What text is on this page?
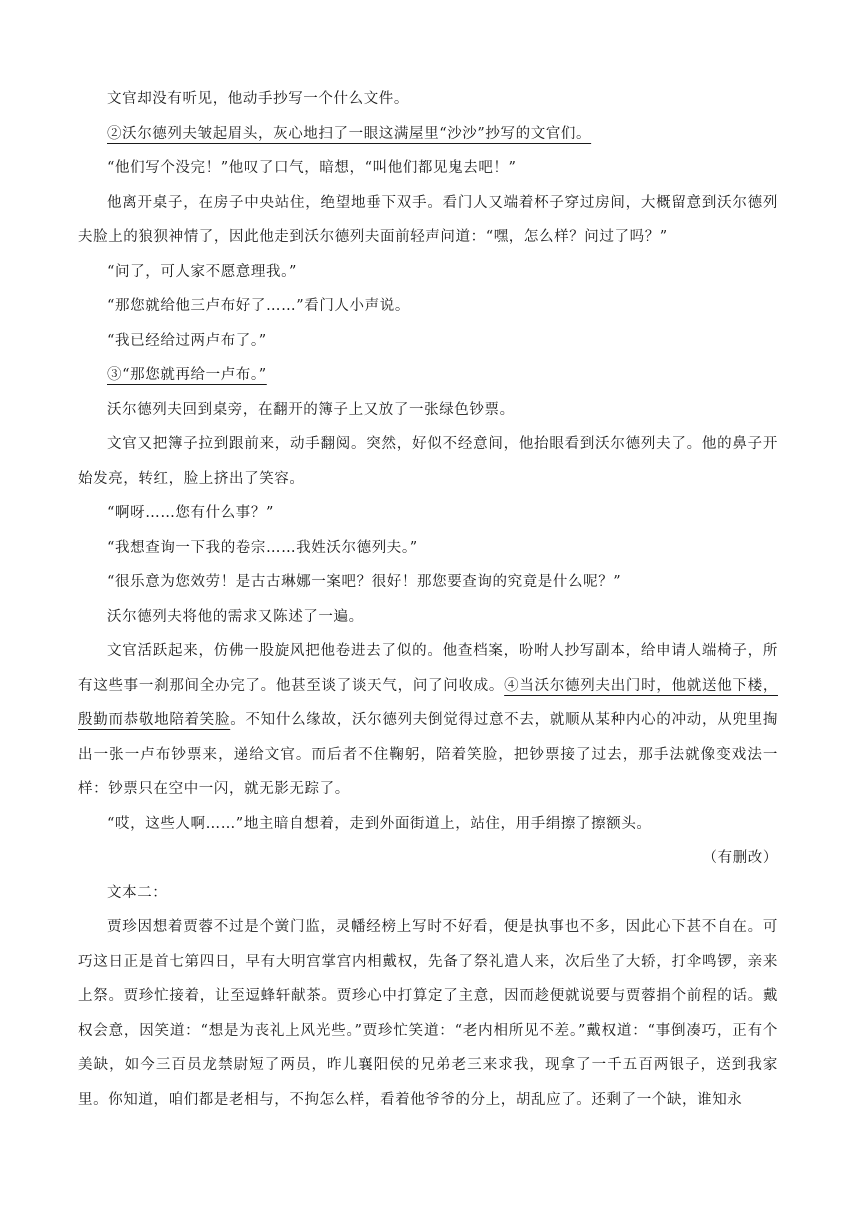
文官却没有听见，他动手抄写一个什么文件。

②沃尔德列夫皱起眉头，灰心地扫了一眼这满屋里“沙沙”抄写的文官们。

“他们写个没完！”他叹了口气，暗想，“叫他们都见鬼去吧！”

他离开桌子，在房子中央站住，绝望地垂下双手。看门人又端着杯子穿过房间，大概留意到沃尔德列夫脸上的狼狈神情了，因此他走到沃尔德列夫面前轻声问道：“嘿，怎么样？问过了吗？”

“问了，可人家不愿意理我。”

“那您就给他三卢布好了……”看门人小声说。

“我已经给过两卢布了。”

③“那您就再给一卢布。”

沃尔德列夫回到桌旁，在翻开的簿子上又放了一张绿色钞票。

文官又把簿子拉到跟前来，动手翻阅。突然，好似不经意间，他抬眼看到沃尔德列夫了。他的鼻子开始发亮，转红，脸上挤出了笑容。

“啊呀……您有什么事？”

“我想查询一下我的卷宗……我姓沃尔德列夫。”

“很乐意为您效劳！是古古琳娜一案吧？很好！那您要查询的究竟是什么呢？”

沃尔德列夫将他的需求又陈述了一遍。

文官活跃起来，仿佛一股旋风把他卷进去了似的。他查档案，吩咐人抄写副本，给申请人端椅子，所有这些事一刹那间全办完了。他甚至谈了谈天气，问了问收成。④当沃尔德列夫出门时，他就送他下楼，殷勤而恭敬地陪着笑脸。不知什么缘故，沃尔德列夫倒觉得过意不去，就顺从某种内心的冲动，从兜里掏出一张一卢布钞票来，递给文官。而后者不住鞠躬，陪着笑脸，把钞票接了过去，那手法就像变戏法一样：钞票只在空中一闪，就无影无踪了。

“哎，这些人啊……”地主暗自想着，走到外面街道上，站住，用手绢擦了擦额头。

（有删改）

文本二：

贾珍因想着贾蓉不过是个黉门监，灵幡经榜上写时不好看，便是执事也不多，因此心下甚不自在。可巧这日正是首七第四日，早有大明宫掌宫内相戴权，先备了祭礼遣人来，次后坐了大轿，打伞鸣锣，亲来上祭。贾珍忙接着，让至逗蜂轩献茶。贾珍心中打算定了主意，因而趁便就说要与贾蓉捐个前程的话。戴权会意，因笑道：“想是为丧礼上风光些。”贾珍忙笑道：“老内相所见不差。”戴权道：“事倒凑巧，正有个美缺，如今三百员龙禁尉短了两员，昨儿襄阳侯的兄弟老三来求我，现拿了一千五百两银子，送到我家里。你知道，咱们都是老相与，不拘怎么样，看着他爷爷的分上，胡乱应了。还剩了一个缺，谁知永
